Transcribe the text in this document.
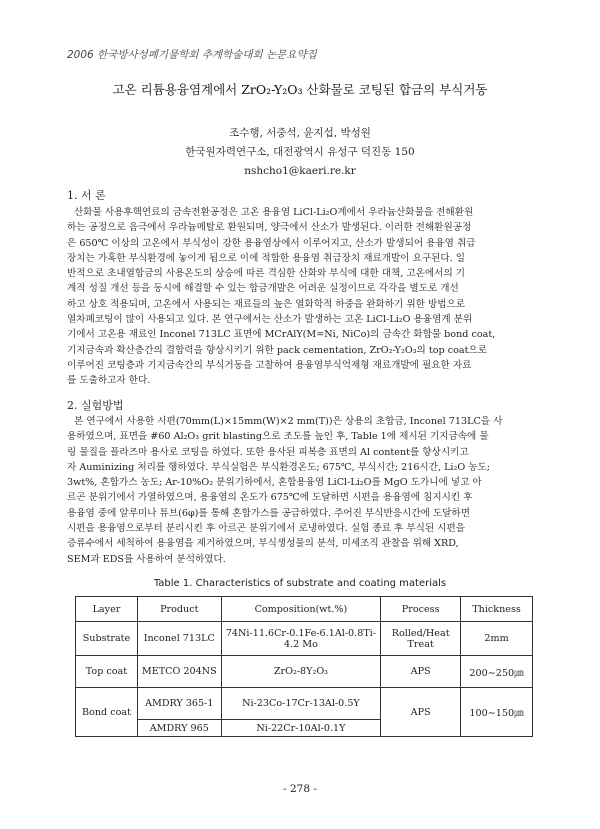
2006 한국방사성폐기물학회 추계학술대회 논문요약집
고온 리튬용융염계에서 ZrO₂-Y₂O₃ 산화물로 코팅된 합금의 부식거동
조수행, 서중석, 윤지섭, 박성원
한국원자력연구소, 대전광역시 유성구 덕진동 150
nshcho1@kaeri.re.kr
1. 서 론

산화물 사용후핵연료의 금속전환공정은 고온 용융염 LiCl-Li₂O계에서 우라늄산화물을 전해환원

하는 공정으로 음극에서 우라늄메탈로 환원되며, 양극에서 산소가 발생된다. 이러한 전해환원공정

은 650℃ 이상의 고온에서 부식성이 강한 용융염상에서 이루어지고, 산소가 발생되어 용융염 취급

장치는 가혹한 부식환경에 놓이게 됨으로 이에 적합한 용융염 취급장치 재료개발이 요구된다. 일

반적으로 초내열합금의 사용온도의 상승에 따른 격심한 산화와 부식에 대한 대책, 고온에서의 기

계적 성질 개선 등을 동시에 해결할 수 있는 합금개발은 어려운 실정이므로 각각을 별도로 개선

하고 상호 적용되며, 고온에서 사용되는 재료들의 높은 열화학적 하중을 완화하기 위한 방법으로

열차폐코팅이 많이 사용되고 있다. 본 연구에서는 산소가 발생하는 고온 LiCl-Li₂O 용융염계 분위

기에서 고온용 재료인 Inconel 713LC 표면에 MCrAlY(M=Ni, NiCo)의 금속간 화합물 bond coat,

기지금속과 확산층간의 결합력을 향상시키기 위한 pack cementation, ZrO₂-Y₂O₃의 top coat으로

이루어진 코팅층과 기지금속간의 부식거동을 고찰하여 용융염부식억제형 재료개발에 필요한 자료

를 도출하고자 한다.

2. 실험방법

본 연구에서 사용한 시편(70mm(L)×15mm(W)×2 mm(T))은 상용의 초합금, Inconel 713LC을 사

용하였으며, 표면을 #60 Al₂O₃ grit blasting으로 조도를 높인 후, Table 1에 제시된 기지금속에 물

링 물질을 플라즈마 용사로 코팅을 하였다. 또한 용사된 피복층 표면의 Al content를 향상시키고

자 Auminizing 처리를 행하였다. 부식실험은 부식환경온도; 675℃, 부식시간; 216시간, Li₂O 농도;

3wt%, 혼합가스 농도; Ar-10%O₂ 분위기하에서, 혼합용융염 LiCl-Li₂O를 MgO 도가니에 넣고 아

르곤 분위기에서 가열하였으며, 용융염의 온도가 675℃에 도달하면 시편을 용융염에 침지시킨 후

용융염 중에 알루미나 튜브(6φ)를 통해 혼합가스를 공급하였다. 주어진 부식반응시간에 도달하면

시편을 용융염으로부터 분리시킨 후 아르곤 분위기에서 로냉하였다. 실험 종료 후 부식된 시편을

증류수에서 세척하여 용융염을 제거하였으며, 부식생성물의 분석, 미세조직 관찰을 위해 XRD,

SEM과 EDS를 사용하여 분석하였다.

Table 1. Characteristics of substrate and coating materials
Layer	Product	Composition(wt.%)	Process	Thickness
Substrate	Inconel 713LC	74Ni-11.6Cr-0.1Fe-6.1Al-0.8Ti-4.2 Mo	Rolled/Heat Treat	2mm
Top coat	METCO 204NS	ZrO₂-8Y₂O₃	APS	200∼250㎛
Bond coat	AMDRY 365-1	Ni-23Co-17Cr-13Al-0.5Y	APS	100∼150㎛
	AMDRY 965	Ni-22Cr-10Al-0.1Y		
- 278 -
